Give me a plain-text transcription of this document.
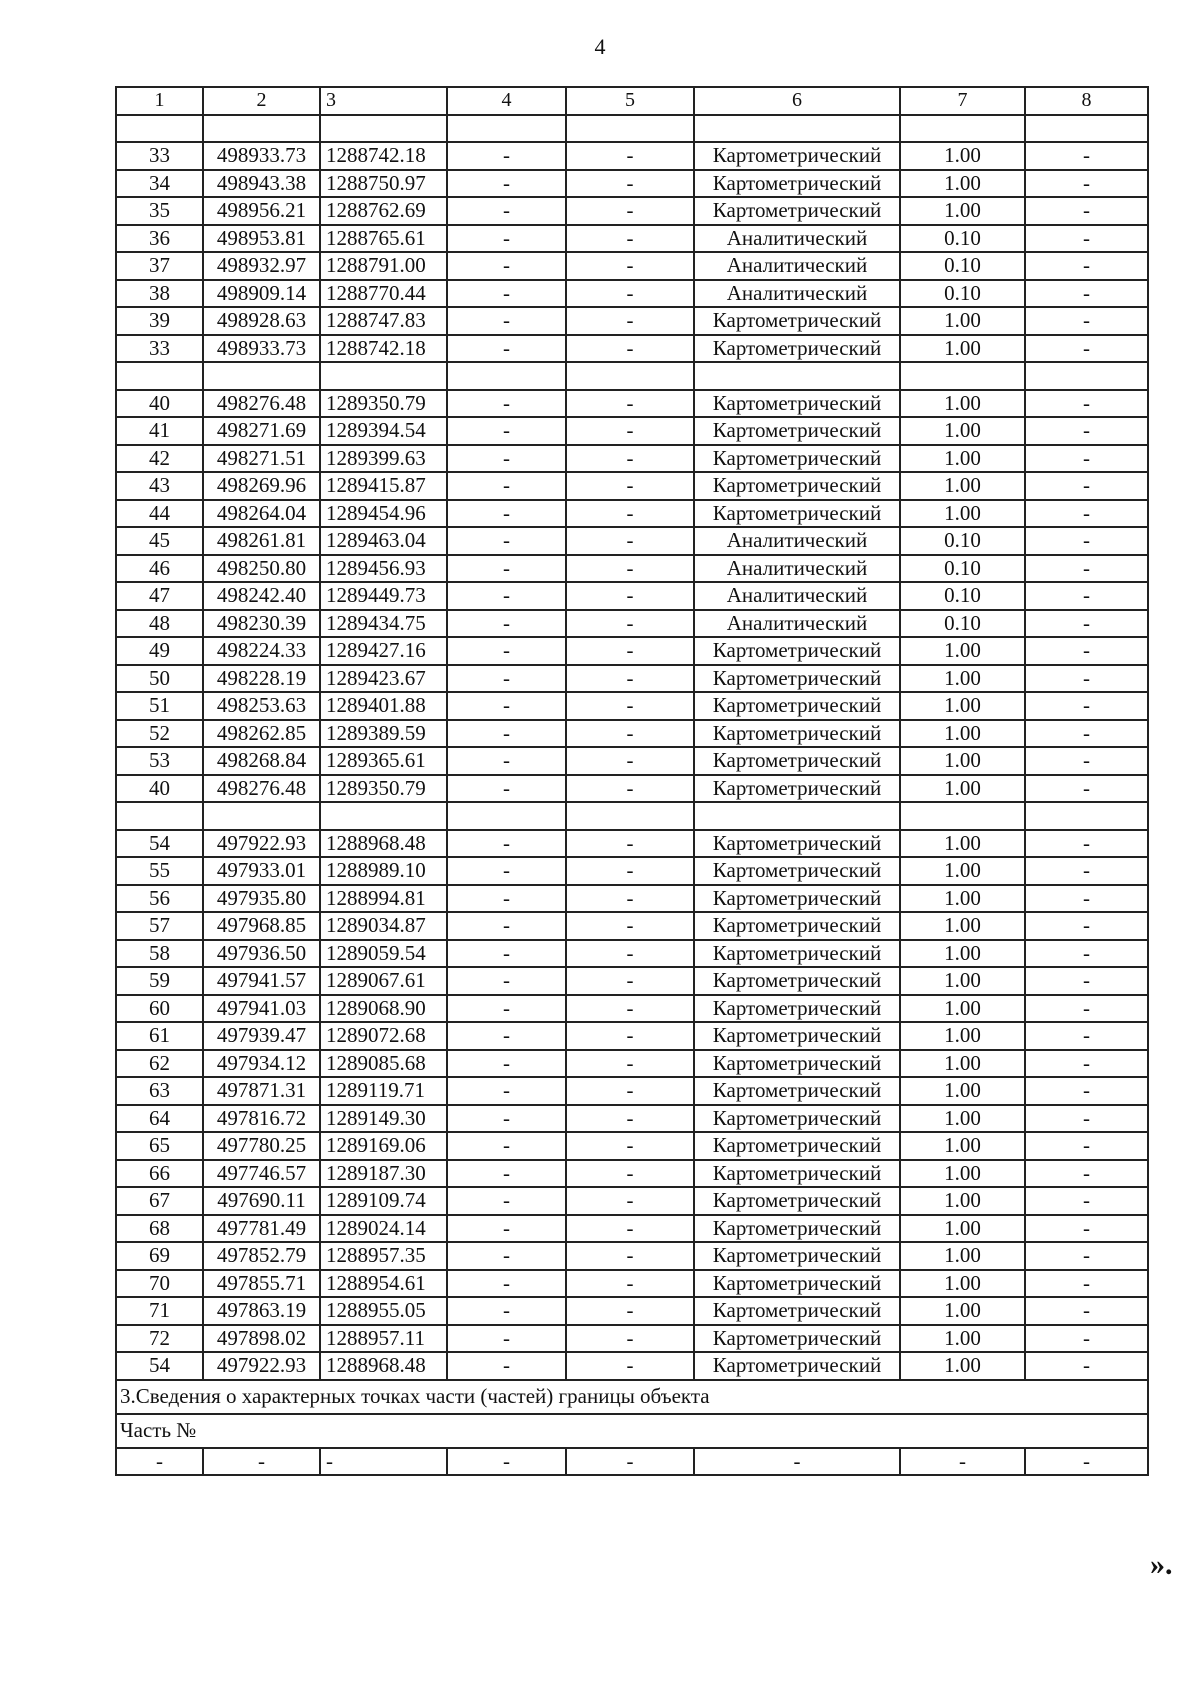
4
1	2	3	4	5	6	7	8

33	498933.73	1288742.18	-	-	Картометрический	1.00	-
34	498943.38	1288750.97	-	-	Картометрический	1.00	-
35	498956.21	1288762.69	-	-	Картометрический	1.00	-
36	498953.81	1288765.61	-	-	Аналитический	0.10	-
37	498932.97	1288791.00	-	-	Аналитический	0.10	-
38	498909.14	1288770.44	-	-	Аналитический	0.10	-
39	498928.63	1288747.83	-	-	Картометрический	1.00	-
33	498933.73	1288742.18	-	-	Картометрический	1.00	-

40	498276.48	1289350.79	-	-	Картометрический	1.00	-
41	498271.69	1289394.54	-	-	Картометрический	1.00	-
42	498271.51	1289399.63	-	-	Картометрический	1.00	-
43	498269.96	1289415.87	-	-	Картометрический	1.00	-
44	498264.04	1289454.96	-	-	Картометрический	1.00	-
45	498261.81	1289463.04	-	-	Аналитический	0.10	-
46	498250.80	1289456.93	-	-	Аналитический	0.10	-
47	498242.40	1289449.73	-	-	Аналитический	0.10	-
48	498230.39	1289434.75	-	-	Аналитический	0.10	-
49	498224.33	1289427.16	-	-	Картометрический	1.00	-
50	498228.19	1289423.67	-	-	Картометрический	1.00	-
51	498253.63	1289401.88	-	-	Картометрический	1.00	-
52	498262.85	1289389.59	-	-	Картометрический	1.00	-
53	498268.84	1289365.61	-	-	Картометрический	1.00	-
40	498276.48	1289350.79	-	-	Картометрический	1.00	-

54	497922.93	1288968.48	-	-	Картометрический	1.00	-
55	497933.01	1288989.10	-	-	Картометрический	1.00	-
56	497935.80	1288994.81	-	-	Картометрический	1.00	-
57	497968.85	1289034.87	-	-	Картометрический	1.00	-
58	497936.50	1289059.54	-	-	Картометрический	1.00	-
59	497941.57	1289067.61	-	-	Картометрический	1.00	-
60	497941.03	1289068.90	-	-	Картометрический	1.00	-
61	497939.47	1289072.68	-	-	Картометрический	1.00	-
62	497934.12	1289085.68	-	-	Картометрический	1.00	-
63	497871.31	1289119.71	-	-	Картометрический	1.00	-
64	497816.72	1289149.30	-	-	Картометрический	1.00	-
65	497780.25	1289169.06	-	-	Картометрический	1.00	-
66	497746.57	1289187.30	-	-	Картометрический	1.00	-
67	497690.11	1289109.74	-	-	Картометрический	1.00	-
68	497781.49	1289024.14	-	-	Картометрический	1.00	-
69	497852.79	1288957.35	-	-	Картометрический	1.00	-
70	497855.71	1288954.61	-	-	Картометрический	1.00	-
71	497863.19	1288955.05	-	-	Картометрический	1.00	-
72	497898.02	1288957.11	-	-	Картометрический	1.00	-
54	497922.93	1288968.48	-	-	Картометрический	1.00	-
3.Сведения о характерных точках части (частей) границы объекта							
Часть №							
-	-	-	-	-	-	-	-
».
